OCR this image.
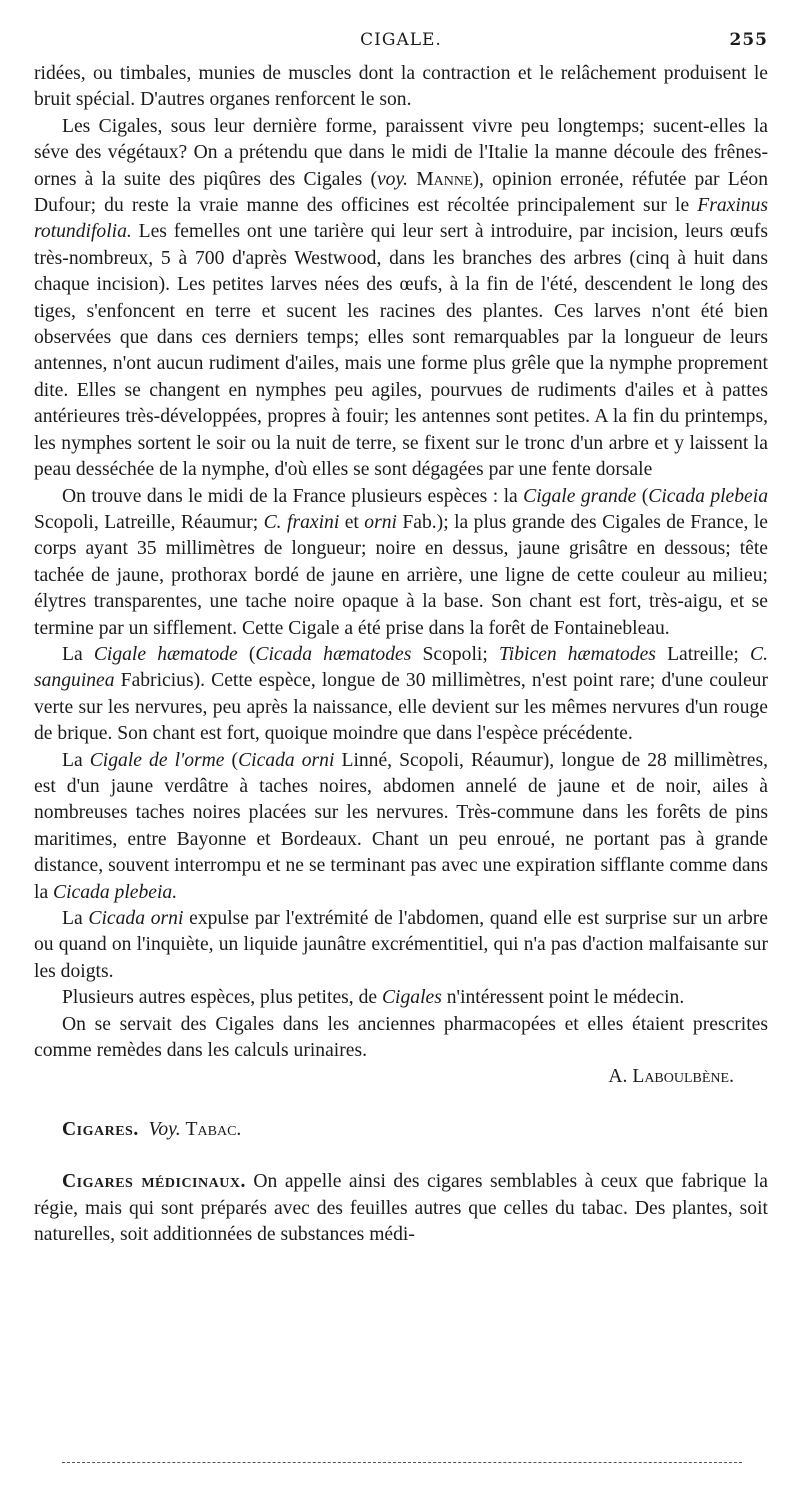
CIGALE.	255

ridées, ou timbales, munies de muscles dont la contraction et le relâchement produisent le bruit spécial. D'autres organes renforcent le son.

Les Cigales, sous leur dernière forme, paraissent vivre peu longtemps; sucent-elles la séve des végétaux? On a prétendu que dans le midi de l'Italie la manne découle des frênes-ornes à la suite des piqûres des Cigales (voy. Manne), opinion erronée, réfutée par Léon Dufour; du reste la vraie manne des officines est récoltée principalement sur le Fraxinus rotundifolia. Les femelles ont une tarière qui leur sert à introduire, par incision, leurs œufs très-nombreux, 5 à 700 d'après Westwood, dans les branches des arbres (cinq à huit dans chaque incision). Les petites larves nées des œufs, à la fin de l'été, descendent le long des tiges, s'enfoncent en terre et sucent les racines des plantes. Ces larves n'ont été bien observées que dans ces derniers temps; elles sont remarquables par la longueur de leurs antennes, n'ont aucun rudiment d'ailes, mais une forme plus grêle que la nymphe proprement dite. Elles se changent en nymphes peu agiles, pourvues de rudiments d'ailes et à pattes antérieures très-développées, propres à fouir; les antennes sont petites. A la fin du printemps, les nymphes sortent le soir ou la nuit de terre, se fixent sur le tronc d'un arbre et y laissent la peau desséchée de la nymphe, d'où elles se sont dégagées par une fente dorsale

On trouve dans le midi de la France plusieurs espèces : la Cigale grande (Cicada plebeia Scopoli, Latreille, Réaumur; C. fraxini et orni Fab.); la plus grande des Cigales de France, le corps ayant 35 millimètres de longueur; noire en dessus, jaune grisâtre en dessous; tête tachée de jaune, prothorax bordé de jaune en arrière, une ligne de cette couleur au milieu; élytres transparentes, une tache noire opaque à la base. Son chant est fort, très-aigu, et se termine par un sifflement. Cette Cigale a été prise dans la forêt de Fontainebleau.

La Cigale hæmatode (Cicada hæmatodes Scopoli; Tibicen hæmatodes Latreille; C. sanguinea Fabricius). Cette espèce, longue de 30 millimètres, n'est point rare; d'une couleur verte sur les nervures, peu après la naissance, elle devient sur les mêmes nervures d'un rouge de brique. Son chant est fort, quoique moindre que dans l'espèce précédente.

La Cigale de l'orme (Cicada orni Linné, Scopoli, Réaumur), longue de 28 millimètres, est d'un jaune verdâtre à taches noires, abdomen annelé de jaune et de noir, ailes à nombreuses taches noires placées sur les nervures. Très-commune dans les forêts de pins maritimes, entre Bayonne et Bordeaux. Chant un peu enroué, ne portant pas à grande distance, souvent interrompu et ne se terminant pas avec une expiration sifflante comme dans la Cicada plebeia.

La Cicada orni expulse par l'extrémité de l'abdomen, quand elle est surprise sur un arbre ou quand on l'inquiète, un liquide jaunâtre excrémentitiel, qui n'a pas d'action malfaisante sur les doigts.

Plusieurs autres espèces, plus petites, de Cigales n'intéressent point le médecin.

On se servait des Cigales dans les anciennes pharmacopées et elles étaient prescrites comme remèdes dans les calculs urinaires.

A. Laboulbène.

Cigares. Voy. Tabac.

Cigares médicinaux. On appelle ainsi des cigares semblables à ceux que fabrique la régie, mais qui sont préparés avec des feuilles autres que celles du tabac. Des plantes, soit naturelles, soit additionnées de substances médi-
